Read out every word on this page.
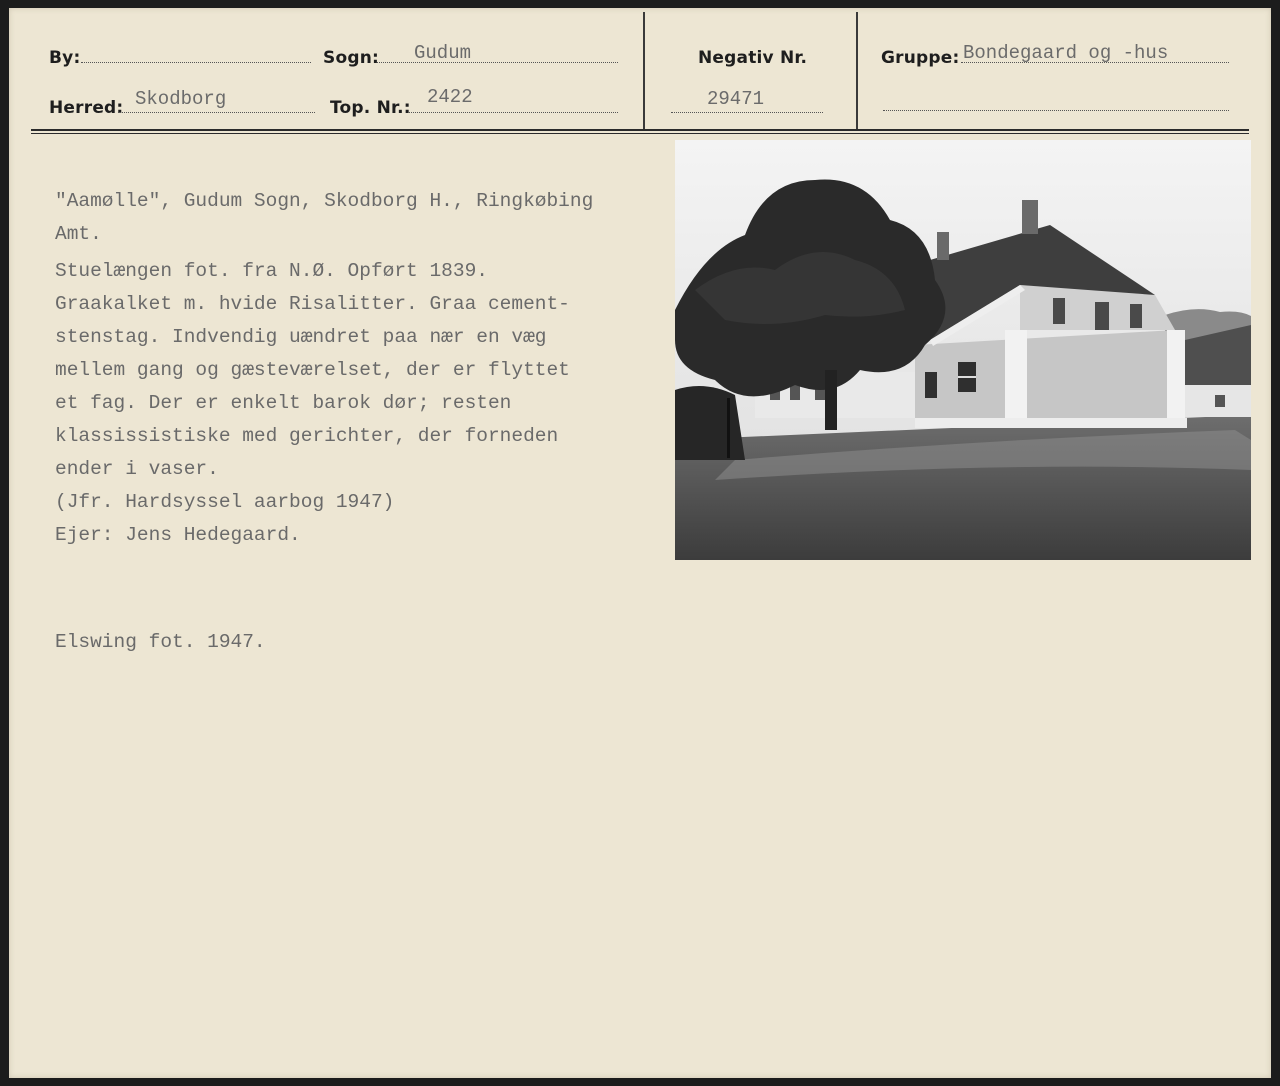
By:	Sogn: Gudum	Negativ Nr.	Gruppe: Bondegaard og -hus
Herred: Skodborg	Top. Nr.: 2422	29471

"Aamølle", Gudum Sogn, Skodborg H., Ringkøbing

Amt.

Stuelængen fot. fra N.Ø. Opført 1839.

Graakalket m. hvide Risalitter. Graa cement-

stenstag. Indvendig uændret paa nær en væg

mellem gang og gæsteværelset, der er flyttet

et fag. Der er enkelt barok dør; resten

klassissistiske med gerichter, der forneden

ender i vaser.

(Jfr. Hardsyssel aarbog 1947)

Ejer: Jens Hedegaard.

Elswing fot. 1947.
